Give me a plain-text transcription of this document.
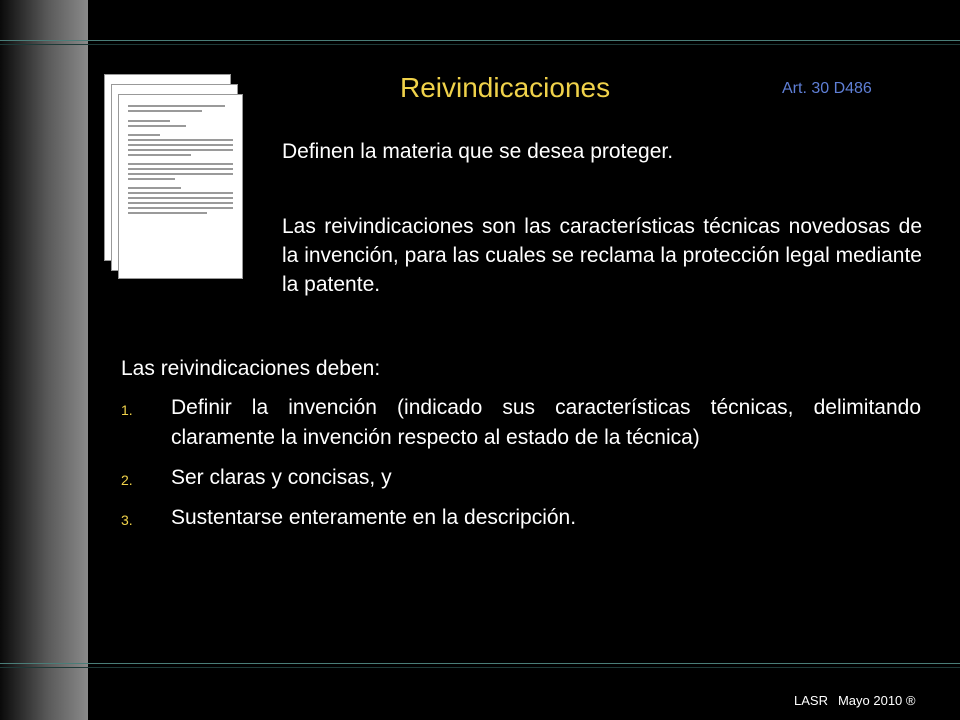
Reivindicaciones	Art. 30 D486
Definen la materia que se desea proteger.
Las reivindicaciones son las características técnicas novedosas de la invención, para las cuales se reclama la protección legal mediante la patente.
Las reivindicaciones deben:
1. Definir la invención (indicado sus características técnicas, delimitando claramente la invención respecto al estado de la técnica)
2. Ser claras y concisas, y
3. Sustentarse enteramente en la descripción.
LASR Mayo 2010 ®
